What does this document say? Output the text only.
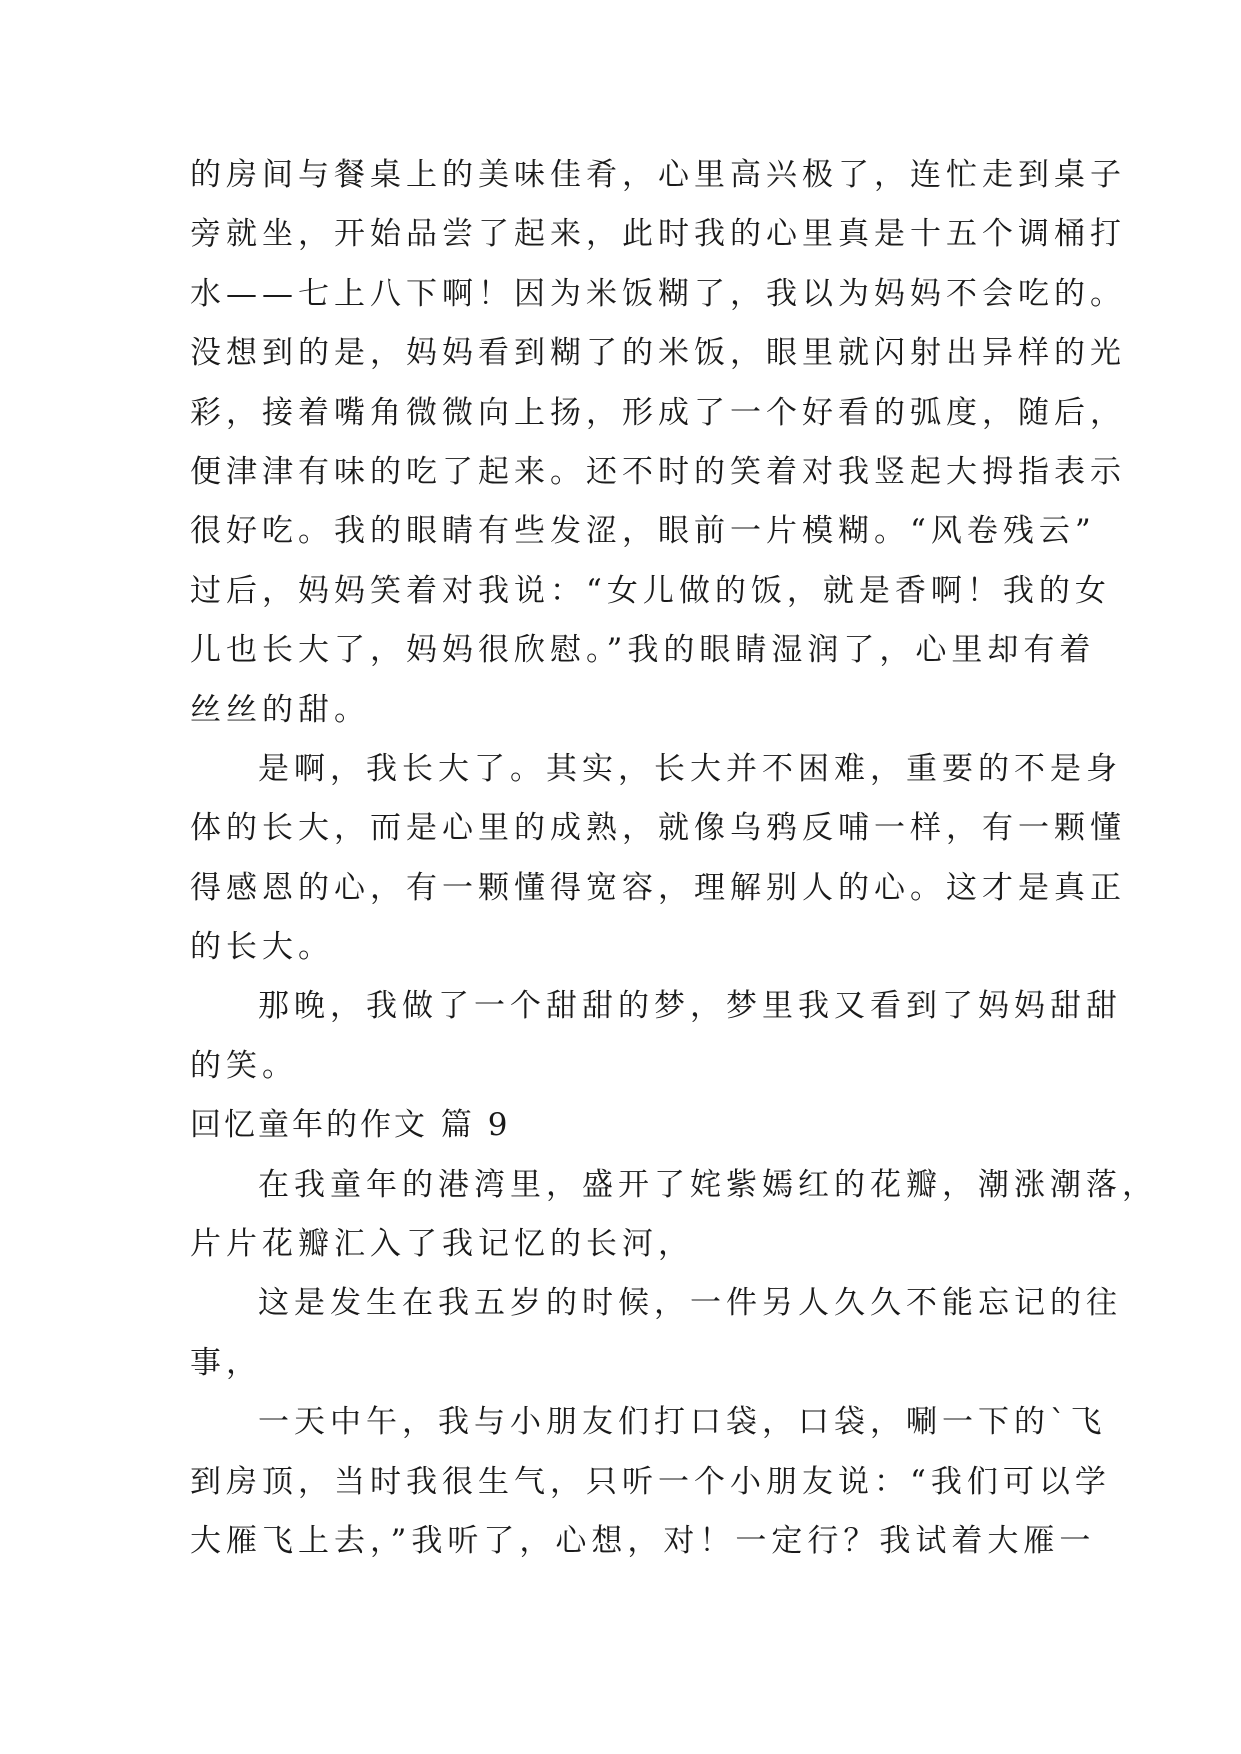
的房间与餐桌上的美味佳肴，心里高兴极了，连忙走到桌子
旁就坐，开始品尝了起来，此时我的心里真是十五个调桶打
水——七上八下啊！因为米饭糊了，我以为妈妈不会吃的。
没想到的是，妈妈看到糊了的米饭，眼里就闪射出异样的光
彩，接着嘴角微微向上扬，形成了一个好看的弧度，随后，
便津津有味的吃了起来。还不时的笑着对我竖起大拇指表示
很好吃。我的眼睛有些发涩，眼前一片模糊。“风卷残云”
过后，妈妈笑着对我说：“女儿做的饭，就是香啊！我的女
儿也长大了，妈妈很欣慰。”我的眼睛湿润了，心里却有着
丝丝的甜。
是啊，我长大了。其实，长大并不困难，重要的不是身
体的长大，而是心里的成熟，就像乌鸦反哺一样，有一颗懂
得感恩的心，有一颗懂得宽容，理解别人的心。这才是真正
的长大。
那晚，我做了一个甜甜的梦，梦里我又看到了妈妈甜甜
的笑。
回忆童年的作文 篇 9
在我童年的港湾里，盛开了姹紫嫣红的花瓣，潮涨潮落，
片片花瓣汇入了我记忆的长河，
这是发生在我五岁的时候，一件另人久久不能忘记的往
事，
一天中午，我与小朋友们打口袋，口袋，唰一下的`飞
到房顶，当时我很生气，只听一个小朋友说：“我们可以学
大雁飞上去，”我听了，心想，对！一定行？我试着大雁一
